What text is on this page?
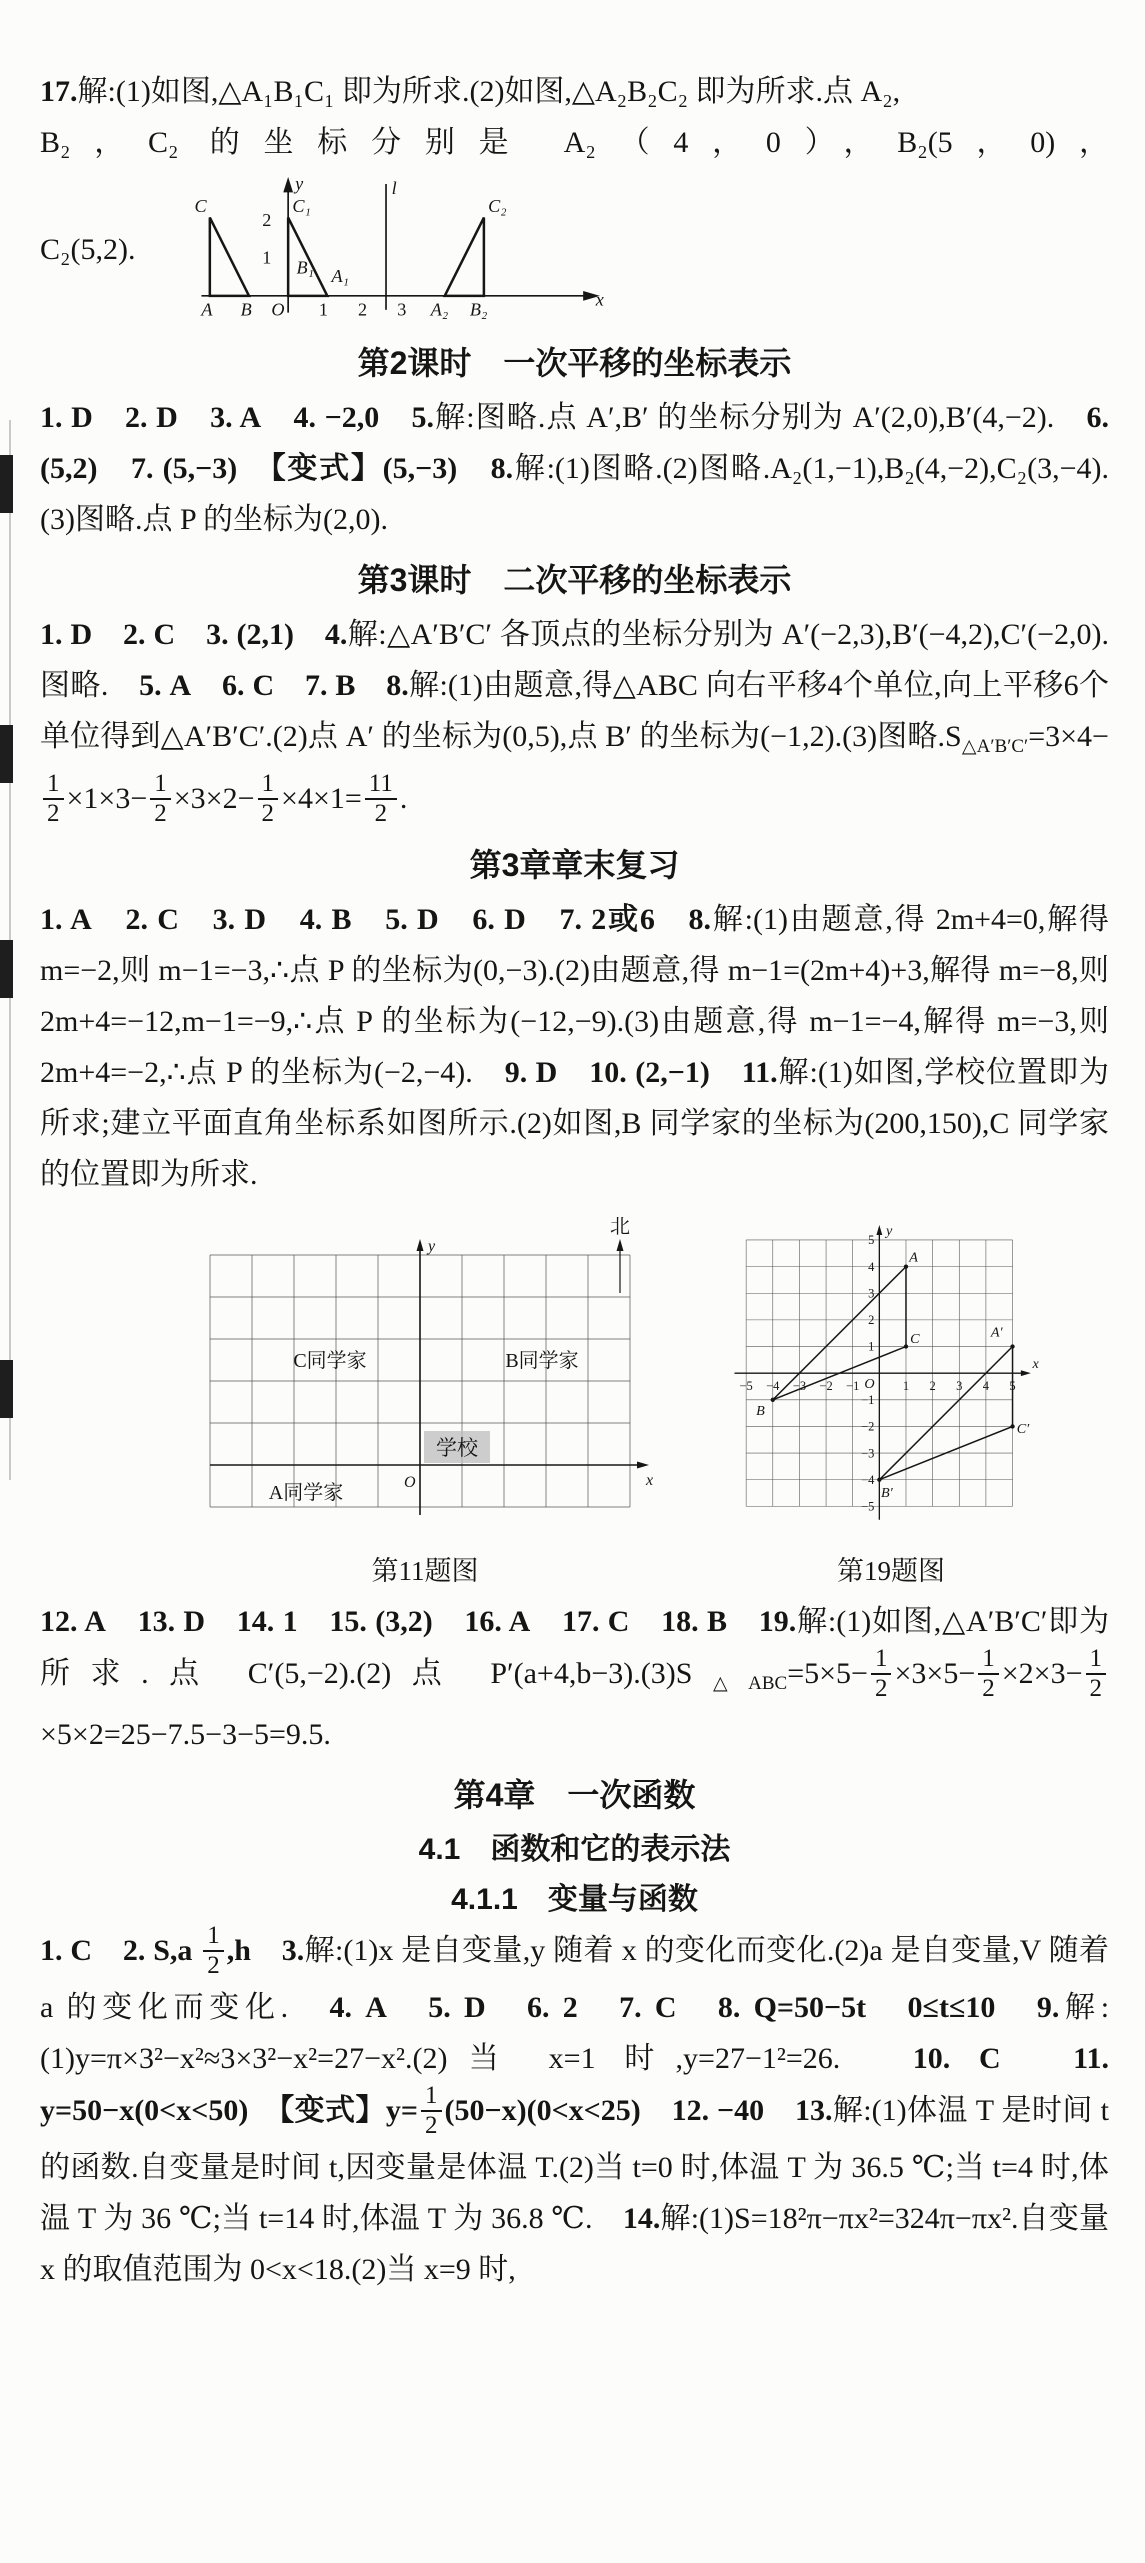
17.解:(1)如图,△A₁B₁C₁ 即为所求.(2)如图,△A₂B₂C₂ 即为所求.点 A₂,
B₂，C₂ 的坐标分别是 A₂（4，0），B₂(5，0)，
C₂(5,2).
C
y
C₁
l
C₂
2
1 B₁ A₁
A B O	1 2 3 A₂ B₂	x
第2课时　一次平移的坐标表示
1. D　 2. D　 3. A　 4. −2,0　 5.解:图略.点 A′,B′ 的坐标分别为 A′(2,0),B′(4,−2).　6. (5,2)　 7. (5,−3)　 【变式】(5,−3)　 8.解:(1)图略.(2)图略.A₂(1,−1),B₂(4,−2),C₂(3,−4).(3)图略.点 P 的坐标为(2,0).
第3课时　二次平移的坐标表示
1. D　 2. C　 3. (2,1)　 4.解:△A′B′C′ 各顶点的坐标分别为 A′(−2,3),B′(−4,2),C′(−2,0).图略.　5. A　 6. C　 7. B　 8.解:(1)由题意,得△ABC 向右平移4个单位,向上平移6个单位得到△A′B′C′.(2)点 A′ 的坐标为(0,5),点 B′ 的坐标为(−1,2).(3)图略$.S_{\triangle A'B'C'}=3\times 4-$
$\frac{1}{2} \times 1\times 3- \frac{1}{2} \times 3\times 2- \frac{1}{2} \times 4\times 1= \frac{11}{2}$ .
第3章章末复习
1. A　 2. C　 3. D　 4. B　 5. D　 6. D　 7. 2或6　 8.解:(1)由题意,得 2m+4=0,解得 m=−2,则 m−1=−3,∴点 P 的坐标为(0,−3).(2)由题意,得 m−1=(2m+4)+3,解得 m=−8,则 2m+4=−12,m−1=−9,∴点 P 的坐标为(−12,−9).(3)由题意,得 m−1=−4,解得 m=−3,则2m+4=−2,∴点 P 的坐标为(−2,−4).　9. D　 10. (2,−1)　 11.解:(1)如图,学校位置即为所求;建立平面直角坐标系如图所示.(2)如图,B 同学家的坐标为(200,150),C 同学家的位置即为所求.
北
y
x
O
学校
C同学家	B同学家
A同学家
第11题图
−5 −4 −3 −2 −1	1 2 3 4 5
5
4
3
2
1
−1
−2
−3
−4
−5
y
x
O
A
B
C	A′
B′
C′
第19题图
12. A　 13. D　 14. 1　 15. (3,2)　 16. A　 17. C　 18. B　 19.解:(1)如图,△A′B′C′即为所求.点 C′(5,−2).(2)点 $P'(a+4,b-3).(3)S_{\triangle ABC}=5\times 5- \frac{1}{2} \times 3\times 5- \frac{1}{2} \times 2\times 3- \frac{1}{2}$
×5×2=25−7.5−3−5=9.5.
第4章　一次函数
4.1　函数和它的表示法
4.1.1　变量与函数
1. C　 2. $S,a \frac{1}{2} ,h$　 3.解:(1)x 是自变量,y 随着 x 的变化而变化.(2)a 是自变量,V 随着 a 的变化而变化.　4. A　 5. D　 6. 2　 7. C　 8. Q=50−5t　0≤t≤10　 9.解:(1)y=π×3²−x²≈3×3²−x²=27−x².(2)当 x=1 时,y=27−1²=26.　10. C　 11. y=50−x(0<x<50)　 【变式】$y= \frac{1}{2} (50-x)(0<x<25)$　 12. −40　 13.解:(1)体温 T 是时间 t 的函数.自变量是时间 t,因变量是体温 T.(2)当 t=0 时,体温 T 为 36.5 ℃;当 t=4 时,体温 T 为 36 ℃;当 t=14 时,体温 T 为 36.8 ℃.　14.解:(1)S=18²π−πx²=324π−πx².自变量 x 的取值范围为 0<x<18.(2)当 x=9 时,
